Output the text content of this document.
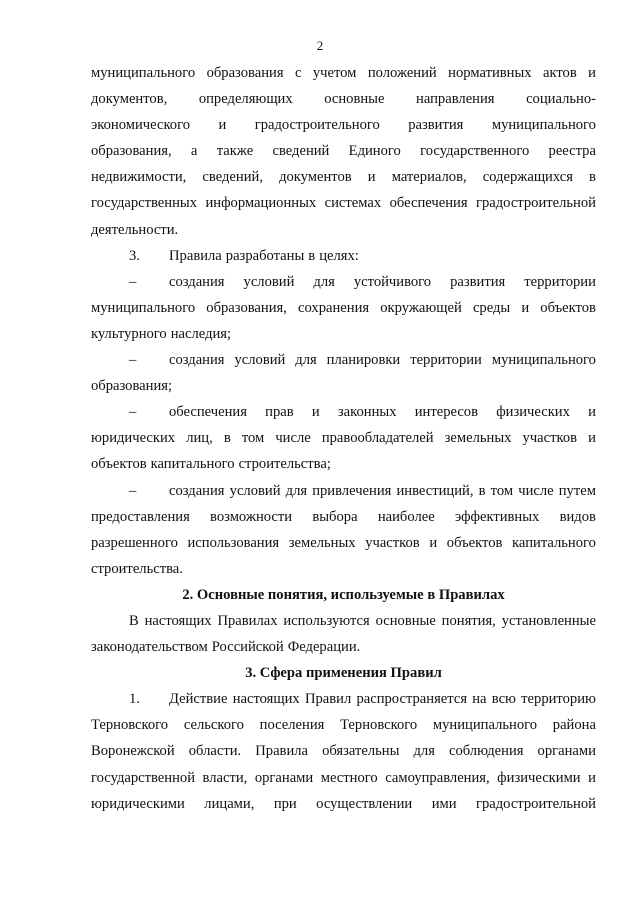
2
муниципального образования с учетом положений нормативных актов и
документов, определяющих основные направления социально-
экономического и градостроительного развития муниципального
образования, а также сведений Единого государственного реестра
недвижимости, сведений, документов и материалов, содержащихся в
государственных информационных системах обеспечения градостроительной
деятельности.
3.	Правила разработаны в целях:
–	создания условий для устойчивого развития территории
муниципального образования, сохранения окружающей среды и объектов
культурного наследия;
–	создания условий для планировки территории муниципального
образования;
–	обеспечения прав и законных интересов физических и
юридических лиц, в том числе правообладателей земельных участков и
объектов капитального строительства;
–	создания условий для привлечения инвестиций, в том числе путем
предоставления возможности выбора наиболее эффективных видов
разрешенного использования земельных участков и объектов капитального
строительства.
2. Основные понятия, используемые в Правилах
В настоящих Правилах используются основные понятия, установленные
законодательством Российской Федерации.
3. Сфера применения Правил
1.	Действие настоящих Правил распространяется на всю территорию
Терновского сельского поселения Терновского муниципального района
Воронежской области. Правила обязательны для соблюдения органами
государственной власти, органами местного самоуправления, физическими и
юридическими лицами, при осуществлении ими градостроительной
